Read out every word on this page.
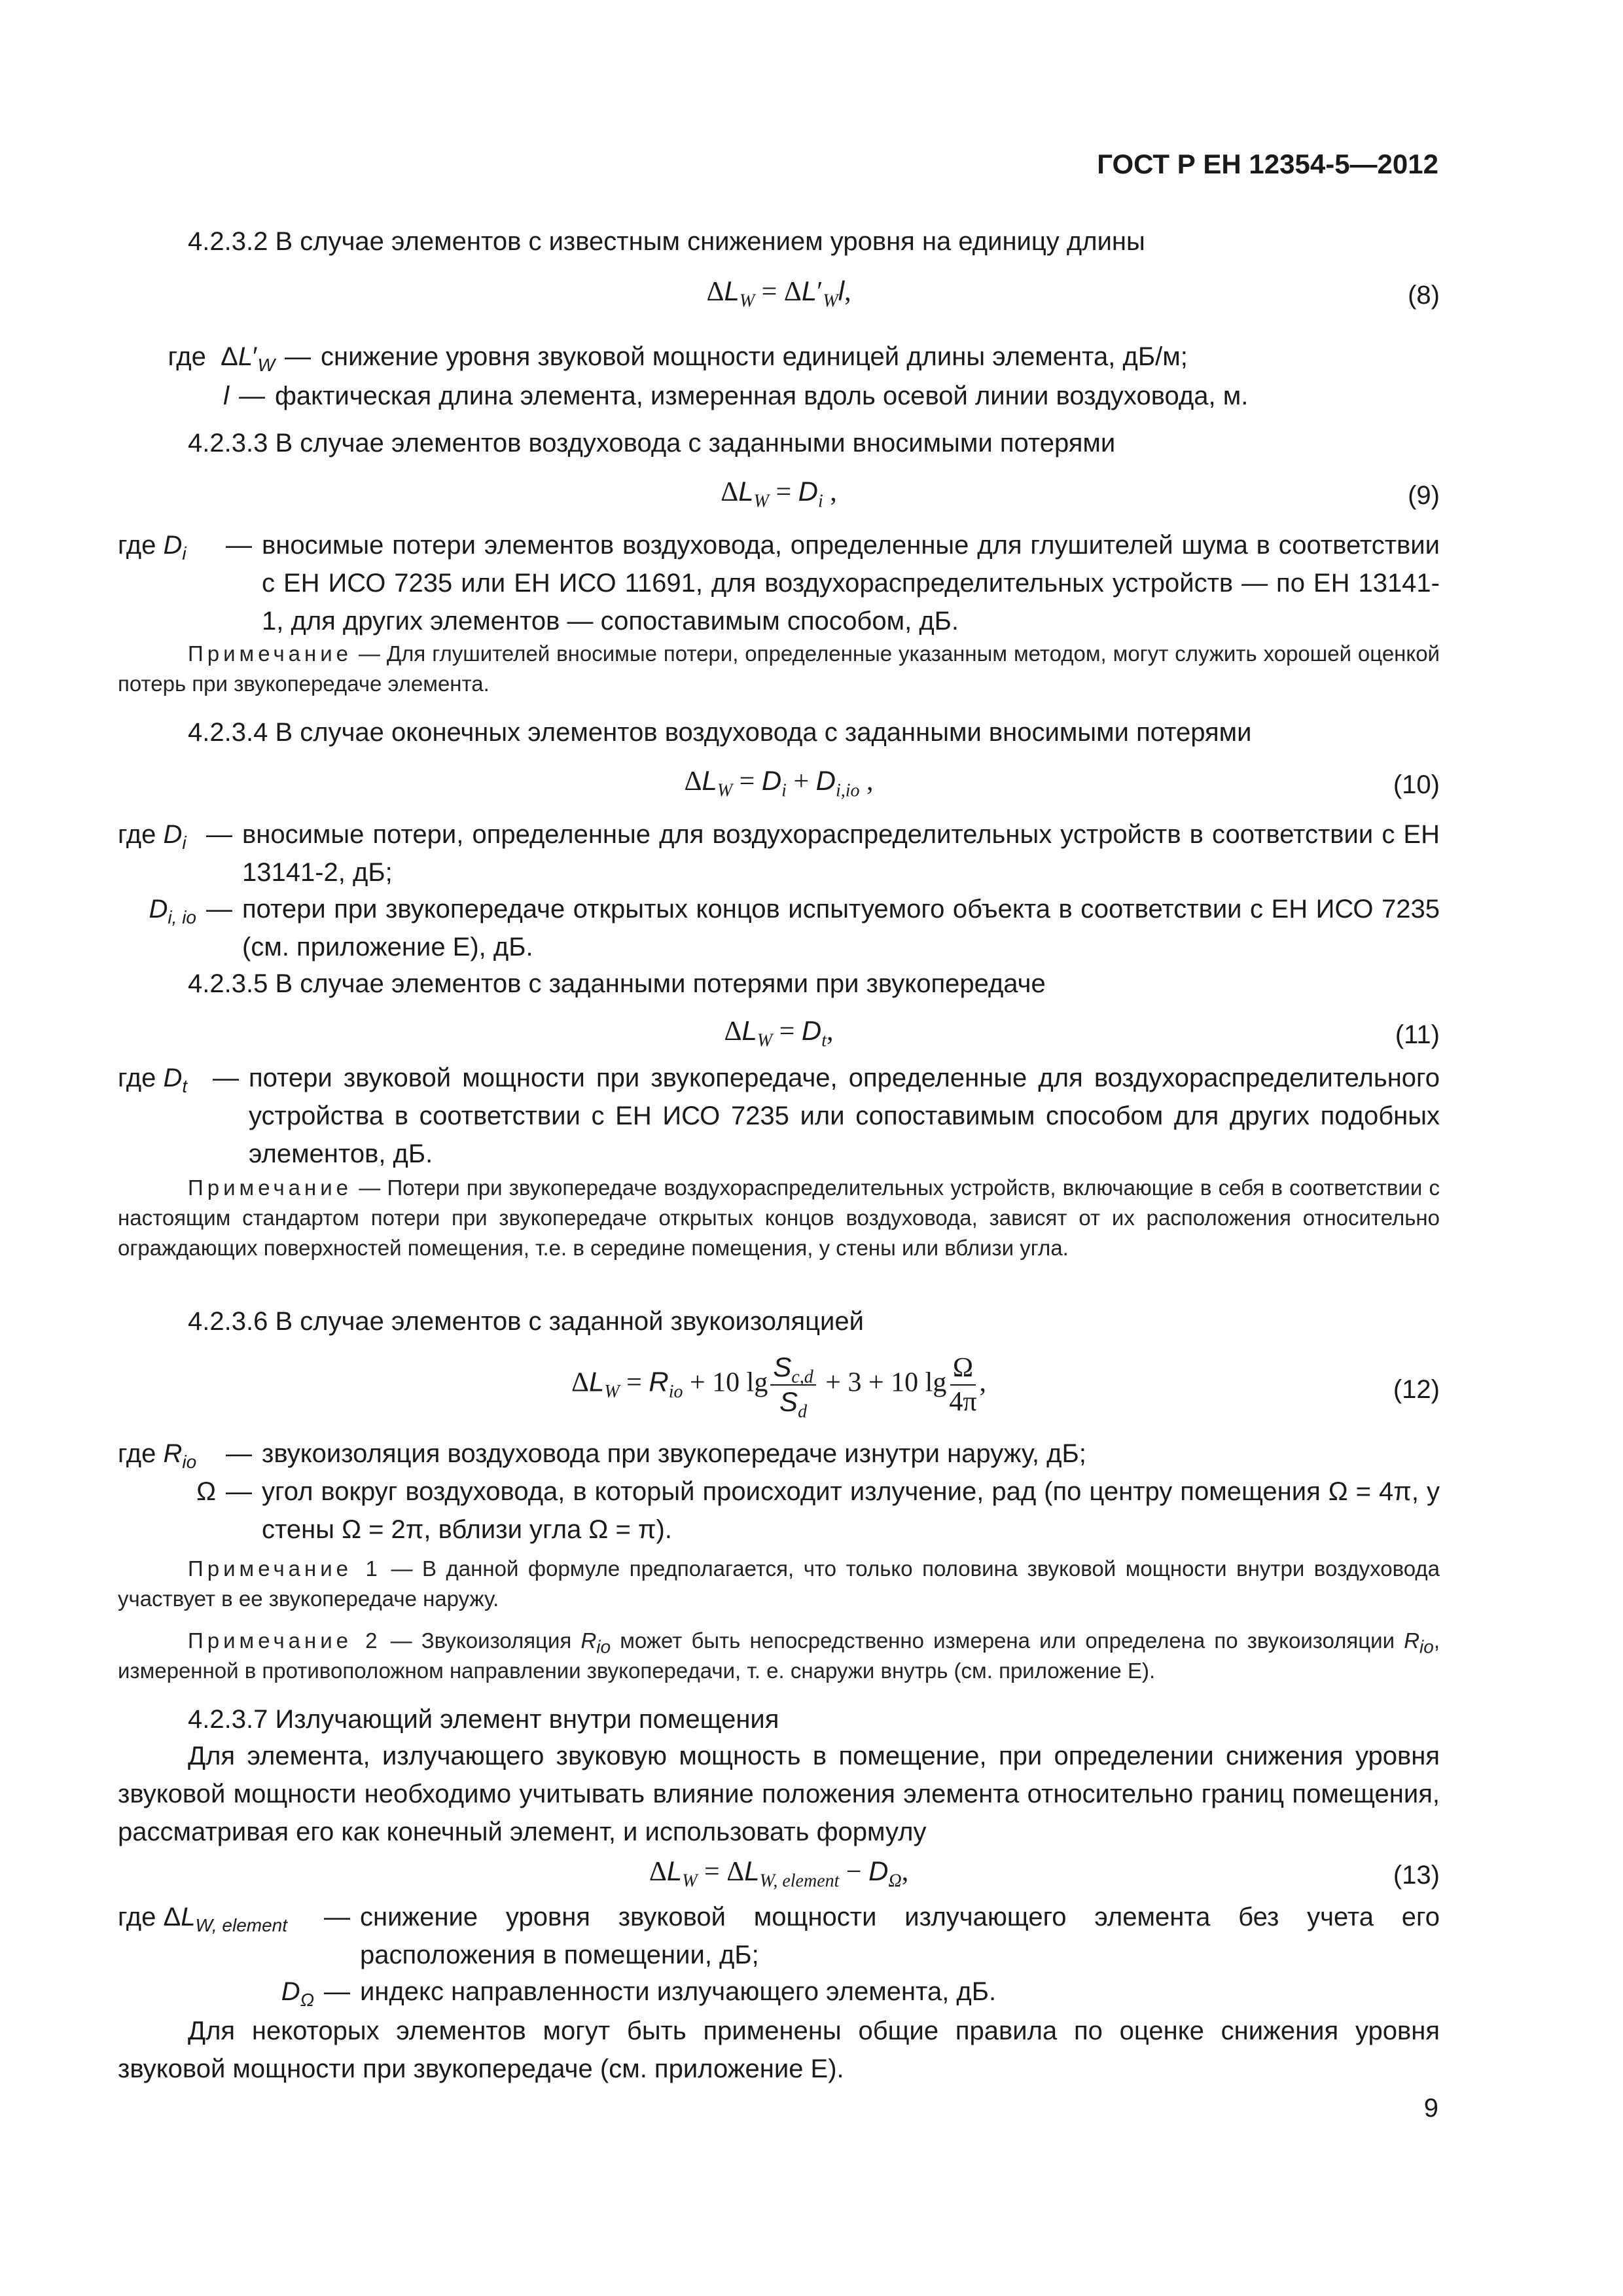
ГОСТ Р ЕН 12354-5—2012
4.2.3.2 В случае элементов с известным снижением уровня на единицу длины
$\Delta L_W = \Delta L'_Wl$,	(8)
где  $\Delta L'_W$ — снижение уровня звуковой мощности единицей длины элемента, дБ/м;
l — фактическая длина элемента, измеренная вдоль осевой линии воздуховода, м.
4.2.3.3 В случае элементов воздуховода с заданными вносимыми потерями
$\Delta L_W = D_i$ ,	(9)
где $D_i$	— вносимые потери элементов воздуховода, определенные для глушителей шума в соответствии с ЕН ИСО 7235 или ЕН ИСО 11691, для воздухораспределительных устройств — по ЕН 13141-1, для других элементов — сопоставимым способом, дБ.
Примечание — Для глушителей вносимые потери, определенные указанным методом, могут служить хорошей оценкой потерь при звукопередаче элемента.
4.2.3.4 В случае оконечных элементов воздуховода с заданными вносимыми потерями
$\Delta L_W = D_i + D_{i,io}$ ,	(10)
где $D_i$ — вносимые потери, определенные для воздухораспределительных устройств в соответствии с ЕН 13141-2, дБ;
$D_{i, io}$ — потери при звукопередаче открытых концов испытуемого объекта в соответствии с ЕН ИСО 7235 (см. приложение Е), дБ.
4.2.3.5 В случае элементов с заданными потерями при звукопередаче
$\Delta L_W = D_t$,	(11)
где $D_t$ — потери звуковой мощности при звукопередаче, определенные для воздухораспределительного устройства в соответствии с ЕН ИСО 7235 или сопоставимым способом для других подобных элементов, дБ.
Примечание — Потери при звукопередаче воздухораспределительных устройств, включающие в себя в соответствии с настоящим стандартом потери при звукопередаче открытых концов воздуховода, зависят от их расположения относительно ограждающих поверхностей помещения, т.е. в середине помещения, у стены или вблизи угла.
4.2.3.6 В случае элементов с заданной звукоизоляцией
$\Delta L_W = R_{io} + 10$ $\lg \frac{S_{c,d}}{S_d} + 3 + 10$ $\lg \frac{\Omega}{4\pi}$ ,	(12)
где $R_{io}$	— звукоизоляция воздуховода при звукопередаче изнутри наружу, дБ;
Ω — угол вокруг воздуховода, в который происходит излучение, рад (по центру помещения Ω = 4π, у стены Ω = 2π, вблизи угла Ω = π).
Примечание 1 — В данной формуле предполагается, что только половина звуковой мощности внутри воздуховода участвует в ее звукопередаче наружу.
Примечание 2 — Звукоизоляция $R_{io}$ может быть непосредственно измерена или определена по звукоизоляции $R_{io}$, измеренной в противоположном направлении звукопередачи, т. е. снаружи внутрь (см. приложение Е).
4.2.3.7 Излучающий элемент внутри помещения
Для элемента, излучающего звуковую мощность в помещение, при определении снижения уровня звуковой мощности необходимо учитывать влияние положения элемента относительно границ помещения, рассматривая его как конечный элемент, и использовать формулу
$\Delta L_W = \Delta L_{W, element} - D_\Omega$,	(13)
где $\Delta L_{W, element}$	— снижение уровня звуковой мощности излучающего элемента без учета его расположения в помещении, дБ;
$D_\Omega$ — индекс направленности излучающего элемента, дБ.
Для некоторых элементов могут быть применены общие правила по оценке снижения уровня звуковой мощности при звукопередаче (см. приложение Е).
9
